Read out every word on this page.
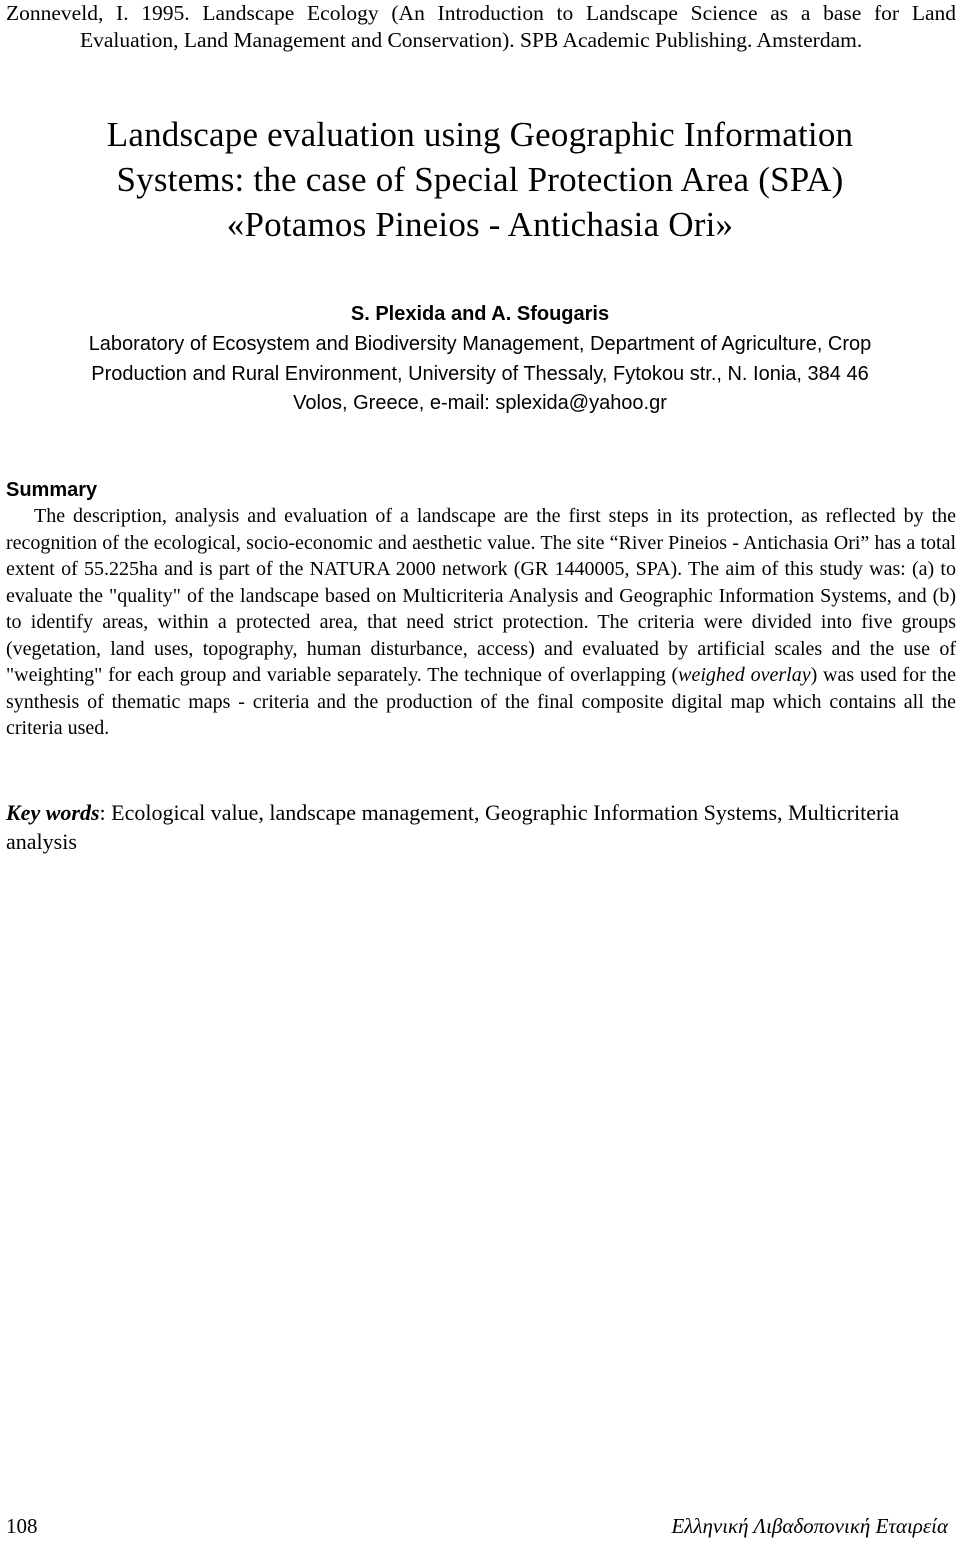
Zonneveld, I. 1995. Landscape Ecology (An Introduction to Landscape Science as a base for Land Evaluation, Land Management and Conservation). SPB Academic Publishing. Amsterdam.
Landscape evaluation using Geographic Information
Systems: the case of Special Protection Area (SPA)
«Potamos Pineios - Antichasia Ori»
S. Plexida and A. Sfougaris
Laboratory of Ecosystem and Biodiversity Management, Department of Agriculture, Crop
Production and Rural Environment, University of Thessaly, Fytokou str., N. Ionia, 384 46
Volos, Greece, e-mail: splexida@yahoo.gr
Summary

The description, analysis and evaluation of a landscape are the first steps in its protection, as reflected by the recognition of the ecological, socio-economic and aesthetic value. The site “River Pineios - Antichasia Ori” has a total extent of 55.225ha and is part of the NATURA 2000 network (GR 1440005, SPA). The aim of this study was: (a) to evaluate the "quality" of the landscape based on Multicriteria Analysis and Geographic Information Systems, and (b) to identify areas, within a protected area, that need strict protection. The criteria were divided into five groups (vegetation, land uses, topography, human disturbance, access) and evaluated by artificial scales and the use of "weighting" for each group and variable separately. The technique of overlapping (weighed overlay) was used for the synthesis of thematic maps - criteria and the production of the final composite digital map which contains all the criteria used.

Key words: Ecological value, landscape management, Geographic Information Systems, Multicriteria analysis

108	Ελληνική Λιβαδοπονική Εταιρεία
